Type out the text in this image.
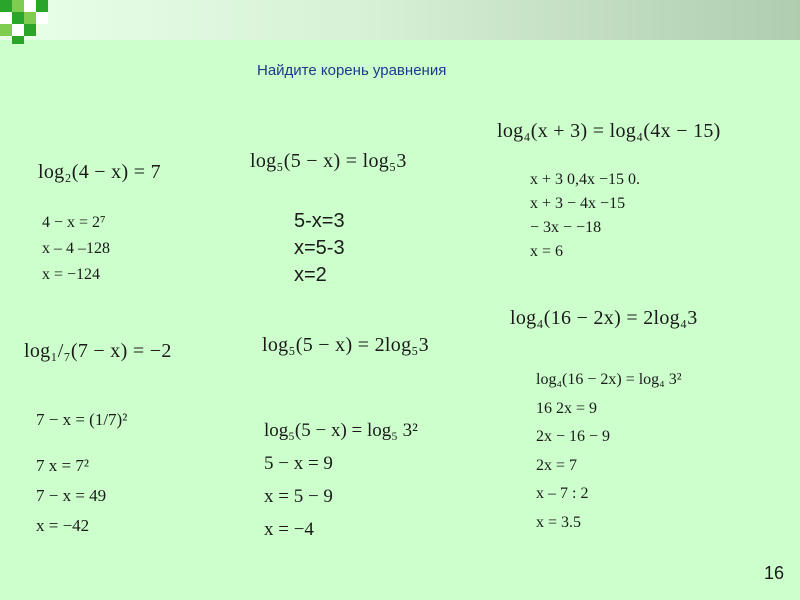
Найдите корень уравнения
log₂(4 − x) = 7
4 − x = 2⁷
x – 4 –128
x = −124
log₅(5 − x) = log₅3
5-x=3
x=5-3
x=2
log₄(x + 3) = log₄(4x − 15)
x + 3 0,4x −15 0.
x + 3 − 4x −15
− 3x − −18
x = 6
log₁/₇(7 − x) = −2
7 − x = (1/7)²
7 x = 7²
7 − x = 49
x = −42
log₅(5 − x) = 2log₅3
log₅(5 − x) = log₅ 3²
5 − x = 9
x = 5 − 9
x = −4
log₄(16 − 2x) = 2log₄3
log₄(16 − 2x) = log₄ 3²
16 2x = 9
2x − 16 − 9
2x = 7
x – 7 : 2
x = 3.5
16
